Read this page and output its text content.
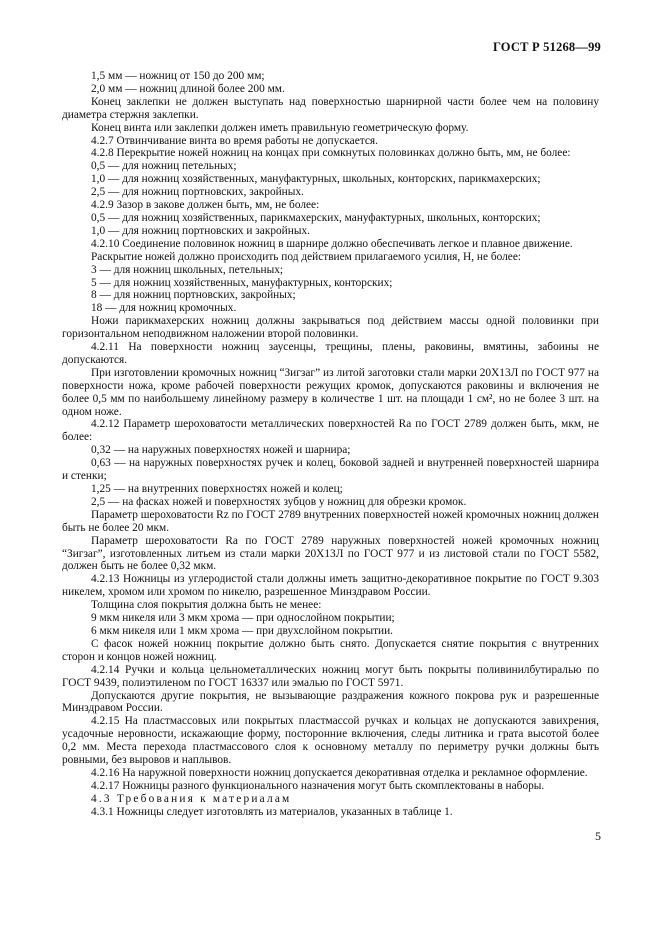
ГОСТ Р 51268—99

1,5 мм — ножниц от 150 до 200 мм;

2,0 мм — ножниц длиной более 200 мм.

Конец заклепки не должен выступать над поверхностью шарнирной части более чем на половину диаметра стержня заклепки.

Конец винта или заклепки должен иметь правильную геометрическую форму.

4.2.7 Отвинчивание винта во время работы не допускается.

4.2.8 Перекрытие ножей ножниц на концах при сомкнутых половинках должно быть, мм, не более:

0,5 — для ножниц петельных;

1,0 — для ножниц хозяйственных, мануфактурных, школьных, конторских, парикмахерских;

2,5 — для ножниц портновских, закройных.

4.2.9 Зазор в закове должен быть, мм, не более:

0,5 — для ножниц хозяйственных, парикмахерских, мануфактурных, школьных, конторских;

1,0 — для ножниц портновских и закройных.

4.2.10 Соединение половинок ножниц в шарнире должно обеспечивать легкое и плавное движение.

Раскрытие ножей должно происходить под действием прилагаемого усилия, Н, не более:

3 — для ножниц школьных, петельных;

5 — для ножниц хозяйственных, мануфактурных, конторских;

8 — для ножниц портновских, закройных;

18 — для ножниц кромочных.

Ножи парикмахерских ножниц должны закрываться под действием массы одной половинки при горизонтальном неподвижном наложении второй половинки.

4.2.11 На поверхности ножниц заусенцы, трещины, плены, раковины, вмятины, забоины не допускаются.

При изготовлении кромочных ножниц “Зигзаг” из литой заготовки стали марки 20Х13Л по ГОСТ 977 на поверхности ножа, кроме рабочей поверхности режущих кромок, допускаются раковины и включения не более 0,5 мм по наибольшему линейному размеру в количестве 1 шт. на площади 1 см², но не более 3 шт. на одном ноже.

4.2.12 Параметр шероховатости металлических поверхностей Ra по ГОСТ 2789 должен быть, мкм, не более:

0,32 — на наружных поверхностях ножей и шарнира;

0,63 — на наружных поверхностях ручек и колец, боковой задней и внутренней поверхностей шарнира и стенки;

1,25 — на внутренних поверхностях ножей и колец;

2,5 — на фасках ножей и поверхностях зубцов у ножниц для обрезки кромок.

Параметр шероховатости Rz по ГОСТ 2789 внутренних поверхностей ножей кромочных ножниц должен быть не более 20 мкм.

Параметр шероховатости Ra по ГОСТ 2789 наружных поверхностей ножей кромочных ножниц “Зигзаг”, изготовленных литьем из стали марки 20Х13Л по ГОСТ 977 и из листовой стали по ГОСТ 5582, должен быть не более 0,32 мкм.

4.2.13 Ножницы из углеродистой стали должны иметь защитно-декоративное покрытие по ГОСТ 9.303 никелем, хромом или хромом по никелю, разрешенное Минздравом России.

Толщина слоя покрытия должна быть не менее:

9 мкм никеля или 3 мкм хрома — при однослойном покрытии;

6 мкм никеля или 1 мкм хрома — при двухслойном покрытии.

С фасок ножей ножниц покрытие должно быть снято. Допускается снятие покрытия с внутренних сторон и концов ножей ножниц.

4.2.14 Ручки и кольца цельнометаллических ножниц могут быть покрыты поливинилбутиралью по ГОСТ 9439, полиэтиленом по ГОСТ 16337 или эмалью по ГОСТ 5971.

Допускаются другие покрытия, не вызывающие раздражения кожного покрова рук и разрешенные Минздравом России.

4.2.15 На пластмассовых или покрытых пластмассой ручках и кольцах не допускаются завихрения, усадочные неровности, искажающие форму, посторонние включения, следы литника и грата высотой более 0,2 мм. Места перехода пластмассового слоя к основному металлу по периметру ручки должны быть ровными, без выровов и наплывов.

4.2.16 На наружной поверхности ножниц допускается декоративная отделка и рекламное оформление.

4.2.17 Ножницы разного функционального назначения могут быть скомплектованы в наборы.

4.3 Требования к материалам

4.3.1 Ножницы следует изготовлять из материалов, указанных в таблице 1.

5
